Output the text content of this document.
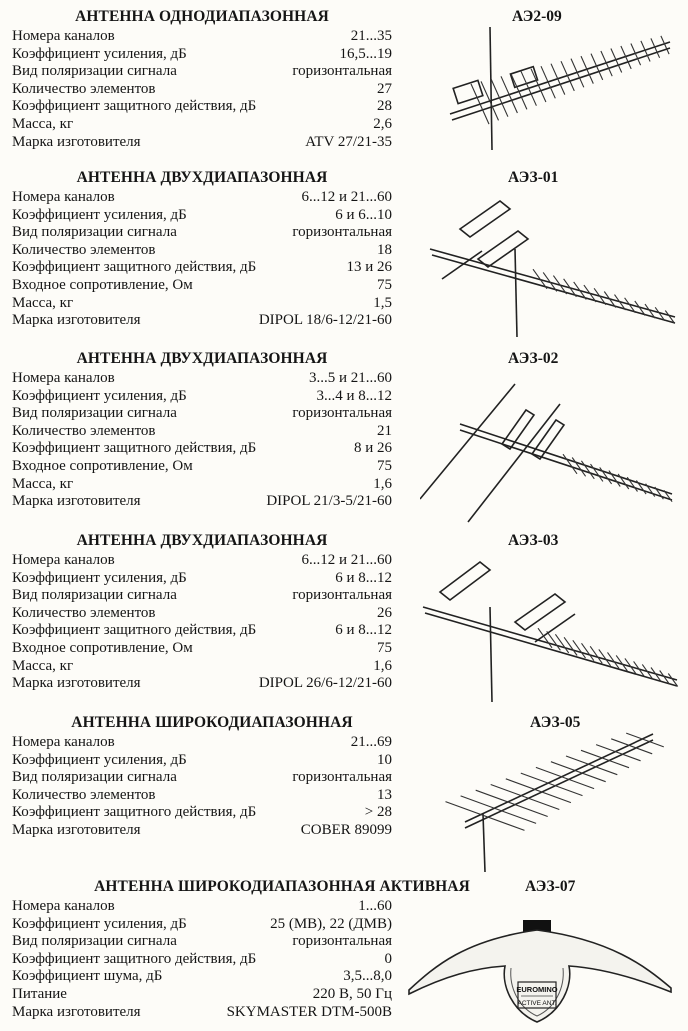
АНТЕННА ОДНОДИАПАЗОННАЯ	АЭ2-09
Номера каналов	21...35
Коэффициент усиления, дБ	16,5...19
Вид поляризации сигнала	горизонтальная
Количество элементов	27
Коэффициент защитного действия, дБ	28
Масса, кг	2,6
Марка изготовителя	ATV 27/21-35
АНТЕННА ДВУХДИАПАЗОННАЯ	АЭЗ-01
Номера каналов	6...12 и 21...60
Коэффициент усиления, дБ	6 и 6...10
Вид поляризации сигнала	горизонтальная
Количество элементов	18
Коэффициент защитного действия, дБ	13 и 26
Входное сопротивление, Ом	75
Масса, кг	1,5
Марка изготовителя	DIPOL 18/6-12/21-60
АНТЕННА ДВУХДИАПАЗОННАЯ	АЭЗ-02
Номера каналов	3...5 и 21...60
Коэффициент усиления, дБ	3...4 и 8...12
Вид поляризации сигнала	горизонтальная
Количество элементов	21
Коэффициент защитного действия, дБ	8 и 26
Входное сопротивление, Ом	75
Масса, кг	1,6
Марка изготовителя	DIPOL 21/3-5/21-60
АНТЕННА ДВУХДИАПАЗОННАЯ	АЭЗ-03
Номера каналов	6...12 и 21...60
Коэффициент усиления, дБ	6 и 8...12
Вид поляризации сигнала	горизонтальная
Количество элементов	26
Коэффициент защитного действия, дБ	6 и 8...12
Входное сопротивление, Ом	75
Масса, кг	1,6
Марка изготовителя	DIPOL 26/6-12/21-60
АНТЕННА ШИРОКОДИАПАЗОННАЯ	АЭЗ-05
Номера каналов	21...69
Коэффициент усиления, дБ	10
Вид поляризации сигнала	горизонтальная
Количество элементов	13
Коэффициент защитного действия, дБ	> 28
Марка изготовителя	COBER 89099
АНТЕННА ШИРОКОДИАПАЗОННАЯ АКТИВНАЯ	АЭЗ-07
Номера каналов	1...60
Коэффициент усиления, дБ	25 (МВ), 22 (ДМВ)
Вид поляризации сигнала	горизонтальная
Коэффициент защитного действия, дБ	0
Коэффициент шума, дБ	3,5...8,0
Питание	220 В, 50 Гц
Марка изготовителя	SKYMASTER DTM-500B
EUROMINO
ACTIVE ANT.
